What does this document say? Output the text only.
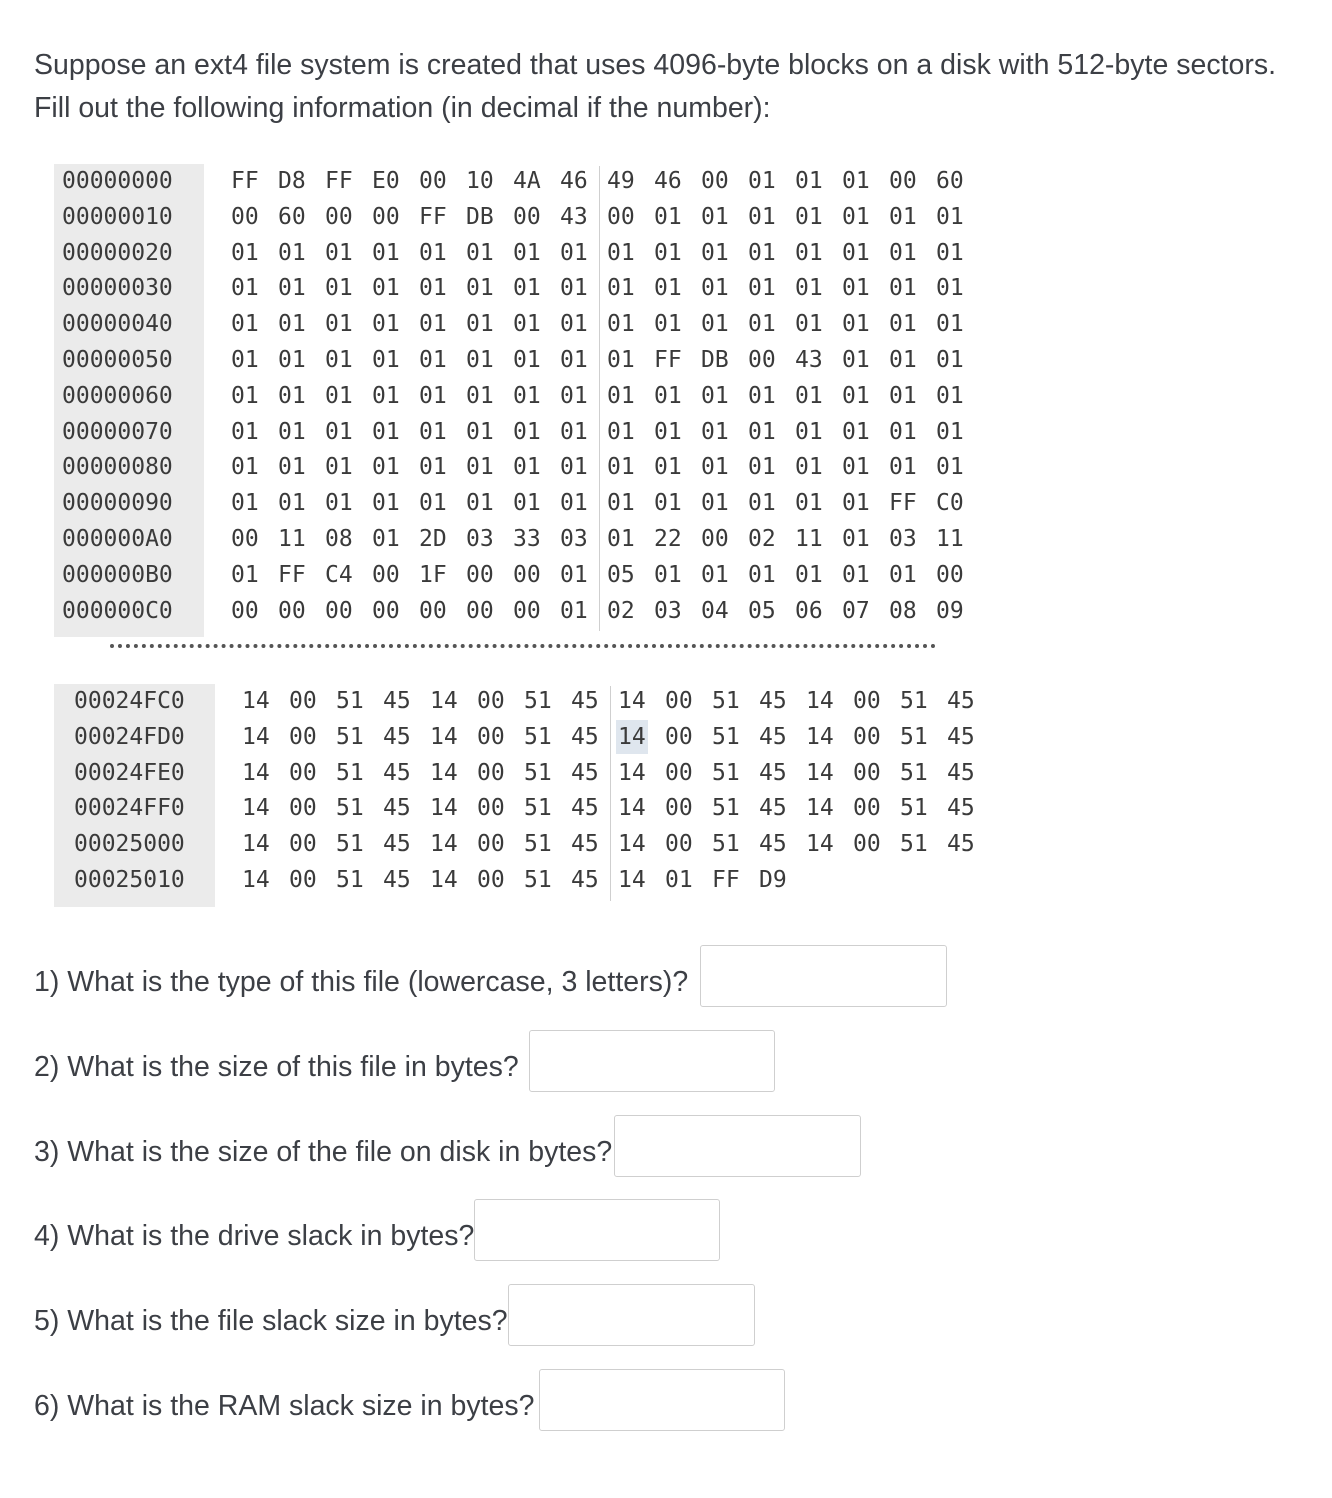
Suppose an ext4 file system is created that uses 4096-byte blocks on a disk with 512-byte sectors.
Fill out the following information (in decimal if the number):

00000000	FF D8 FF E0 00 10 4A 46 49 46 00 01 01 01 00 60
00000010	00 60 00 00 FF DB 00 43 00 01 01 01 01 01 01 01
00000020	01 01 01 01 01 01 01 01 01 01 01 01 01 01 01 01
00000030	01 01 01 01 01 01 01 01 01 01 01 01 01 01 01 01
00000040	01 01 01 01 01 01 01 01 01 01 01 01 01 01 01 01
00000050	01 01 01 01 01 01 01 01 01 FF DB 00 43 01 01 01
00000060	01 01 01 01 01 01 01 01 01 01 01 01 01 01 01 01
00000070	01 01 01 01 01 01 01 01 01 01 01 01 01 01 01 01
00000080	01 01 01 01 01 01 01 01 01 01 01 01 01 01 01 01
00000090	01 01 01 01 01 01 01 01 01 01 01 01 01 01 FF C0
000000A0	00 11 08 01 2D 03 33 03 01 22 00 02 11 01 03 11
000000B0	01 FF C4 00 1F 00 00 01 05 01 01 01 01 01 01 00
000000C0	00 00 00 00 00 00 00 01 02 03 04 05 06 07 08 09
00024FC0 14 00 51 45 14 00 51 45 14 00 51 45 14 00 51 45
00024FD0 14 00 51 45 14 00 51 45 14 00 51 45 14 00 51 45
00024FE0 14 00 51 45 14 00 51 45 14 00 51 45 14 00 51 45
00024FF0 14 00 51 45 14 00 51 45 14 00 51 45 14 00 51 45
00025000 14 00 51 45 14 00 51 45 14 00 51 45 14 00 51 45
00025010 14 00 51 45 14 00 51 45 14 01 FF D9
1) What is the type of this file (lowercase, 3 letters)?
2) What is the size of this file in bytes?
3) What is the size of the file on disk in bytes?
4) What is the drive slack in bytes?
5) What is the file slack size in bytes?
6) What is the RAM slack size in bytes?
